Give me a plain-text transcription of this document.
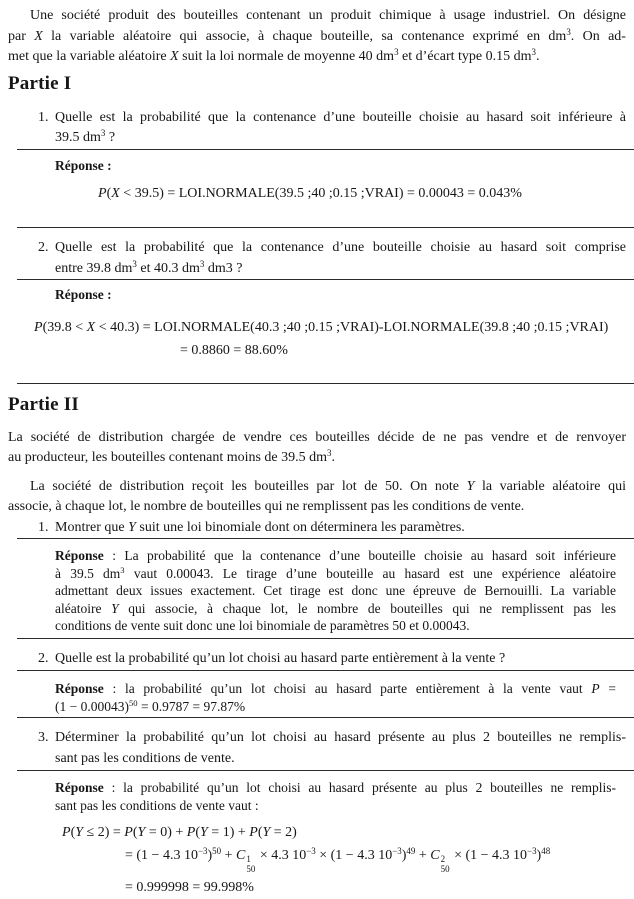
Une société produit des bouteilles contenant un produit chimique à usage industriel. On désigne
par X la variable aléatoire qui associe, à chaque bouteille, sa contenance exprimé en $dm^3$. On ad-
met que la variable aléatoire X suit la loi normale de moyenne 40 $dm^3$ et d’écart type 0.15 $dm^3$.
Partie I
1. Quelle est la probabilité que la contenance d’une bouteille choisie au hasard soit inférieure à
39.5 $dm^3$ ?
Réponse :
P(X < 39.5) = LOI.NORMALE(39.5 ;40 ;0.15 ;VRAI) = 0.00043 = 0.043%
2. Quelle est la probabilité que la contenance d’une bouteille choisie au hasard soit comprise
entre 39.8 $dm^3$ et 40.3 $dm^3$ dm3 ?
Réponse :
P(39.8 < X < 40.3) = LOI.NORMALE(40.3 ;40 ;0.15 ;VRAI)-LOI.NORMALE(39.8 ;40 ;0.15 ;VRAI)
= 0.8860 = 88.60%
Partie II
La société de distribution chargée de vendre ces bouteilles décide de ne pas vendre et de renvoyer
au producteur, les bouteilles contenant moins de 39.5 $dm^3$.
La société de distribution reçoit les bouteilles par lot de 50. On note Y la variable aléatoire qui
associe, à chaque lot, le nombre de bouteilles qui ne remplissent pas les conditions de vente.
1. Montrer que Y suit une loi binomiale dont on déterminera les paramètres.
Réponse : La probabilité que la contenance d’une bouteille choisie au hasard soit inférieure
à 39.5 $dm^3$ vaut 0.00043. Le tirage d’une bouteille au hasard est une expérience aléatoire
admettant deux issues exactement. Cet tirage est donc une épreuve de Bernouilli. La variable
aléatoire Y qui associe, à chaque lot, le nombre de bouteilles qui ne remplissent pas les
conditions de vente suit donc une loi binomiale de paramètres 50 et 0.00043.
2. Quelle est la probabilité qu’un lot choisi au hasard parte entièrement à la vente ?
Réponse : la probabilité qu’un lot choisi au hasard parte entièrement à la vente vaut P =
$(1 - 0.00043)^{50} = 0.9787 = 97.87\%$
3. Déterminer la probabilité qu’un lot choisi au hasard présente au plus 2 bouteilles ne remplis-
sant pas les conditions de vente.
Réponse : la probabilité qu’un lot choisi au hasard présente au plus 2 bouteilles ne remplis-
sant pas les conditions de vente vaut :
P(Y ≤ 2) = P(Y = 0) + P(Y = 1) + P(Y = 2)
= (1 − 4.3 $10^{-3})^{50} + C$ 1
50
× 4.3 $10^{-3} \times (1 - 4.3$ $10^{-3})^{49} + C$ 2
50
× (1 − 4.3 $10^{-3})^{48}$
= 0.999998 = 99.998%
